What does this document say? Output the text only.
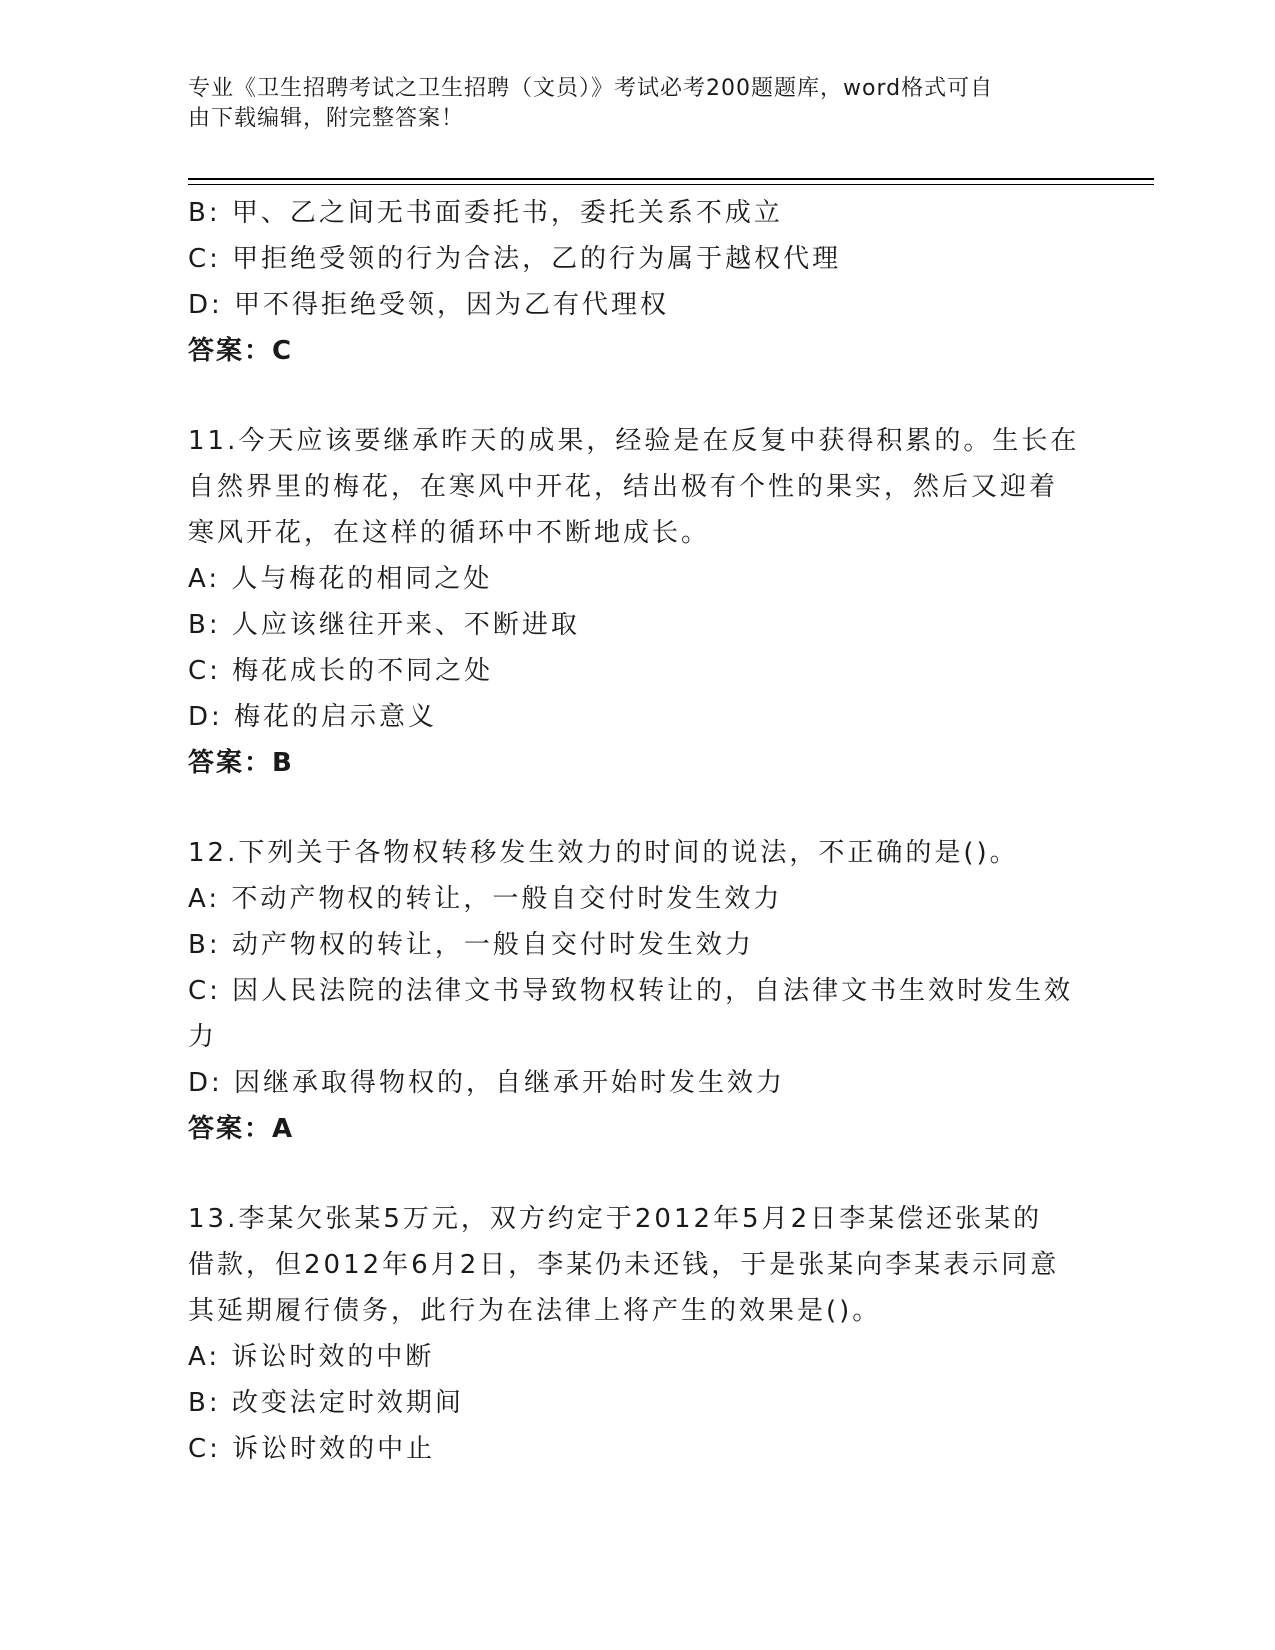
专业《卫生招聘考试之卫生招聘（文员）》考试必考200题题库，word格式可自
由下载编辑，附完整答案！
B: 甲、乙之间无书面委托书，委托关系不成立
C: 甲拒绝受领的行为合法，乙的行为属于越权代理
D: 甲不得拒绝受领，因为乙有代理权
答案：C
11.今天应该要继承昨天的成果，经验是在反复中获得积累的。生长在
自然界里的梅花，在寒风中开花，结出极有个性的果实，然后又迎着
寒风开花，在这样的循环中不断地成长。
A: 人与梅花的相同之处
B: 人应该继往开来、不断进取
C: 梅花成长的不同之处
D: 梅花的启示意义
答案：B
12.下列关于各物权转移发生效力的时间的说法，不正确的是()。
A: 不动产物权的转让，一般自交付时发生效力
B: 动产物权的转让，一般自交付时发生效力
C: 因人民法院的法律文书导致物权转让的，自法律文书生效时发生效
力
D: 因继承取得物权的，自继承开始时发生效力
答案：A
13.李某欠张某5万元，双方约定于2012年5月2日李某偿还张某的
借款，但2012年6月2日，李某仍未还钱，于是张某向李某表示同意
其延期履行债务，此行为在法律上将产生的效果是()。
A: 诉讼时效的中断
B: 改变法定时效期间
C: 诉讼时效的中止
